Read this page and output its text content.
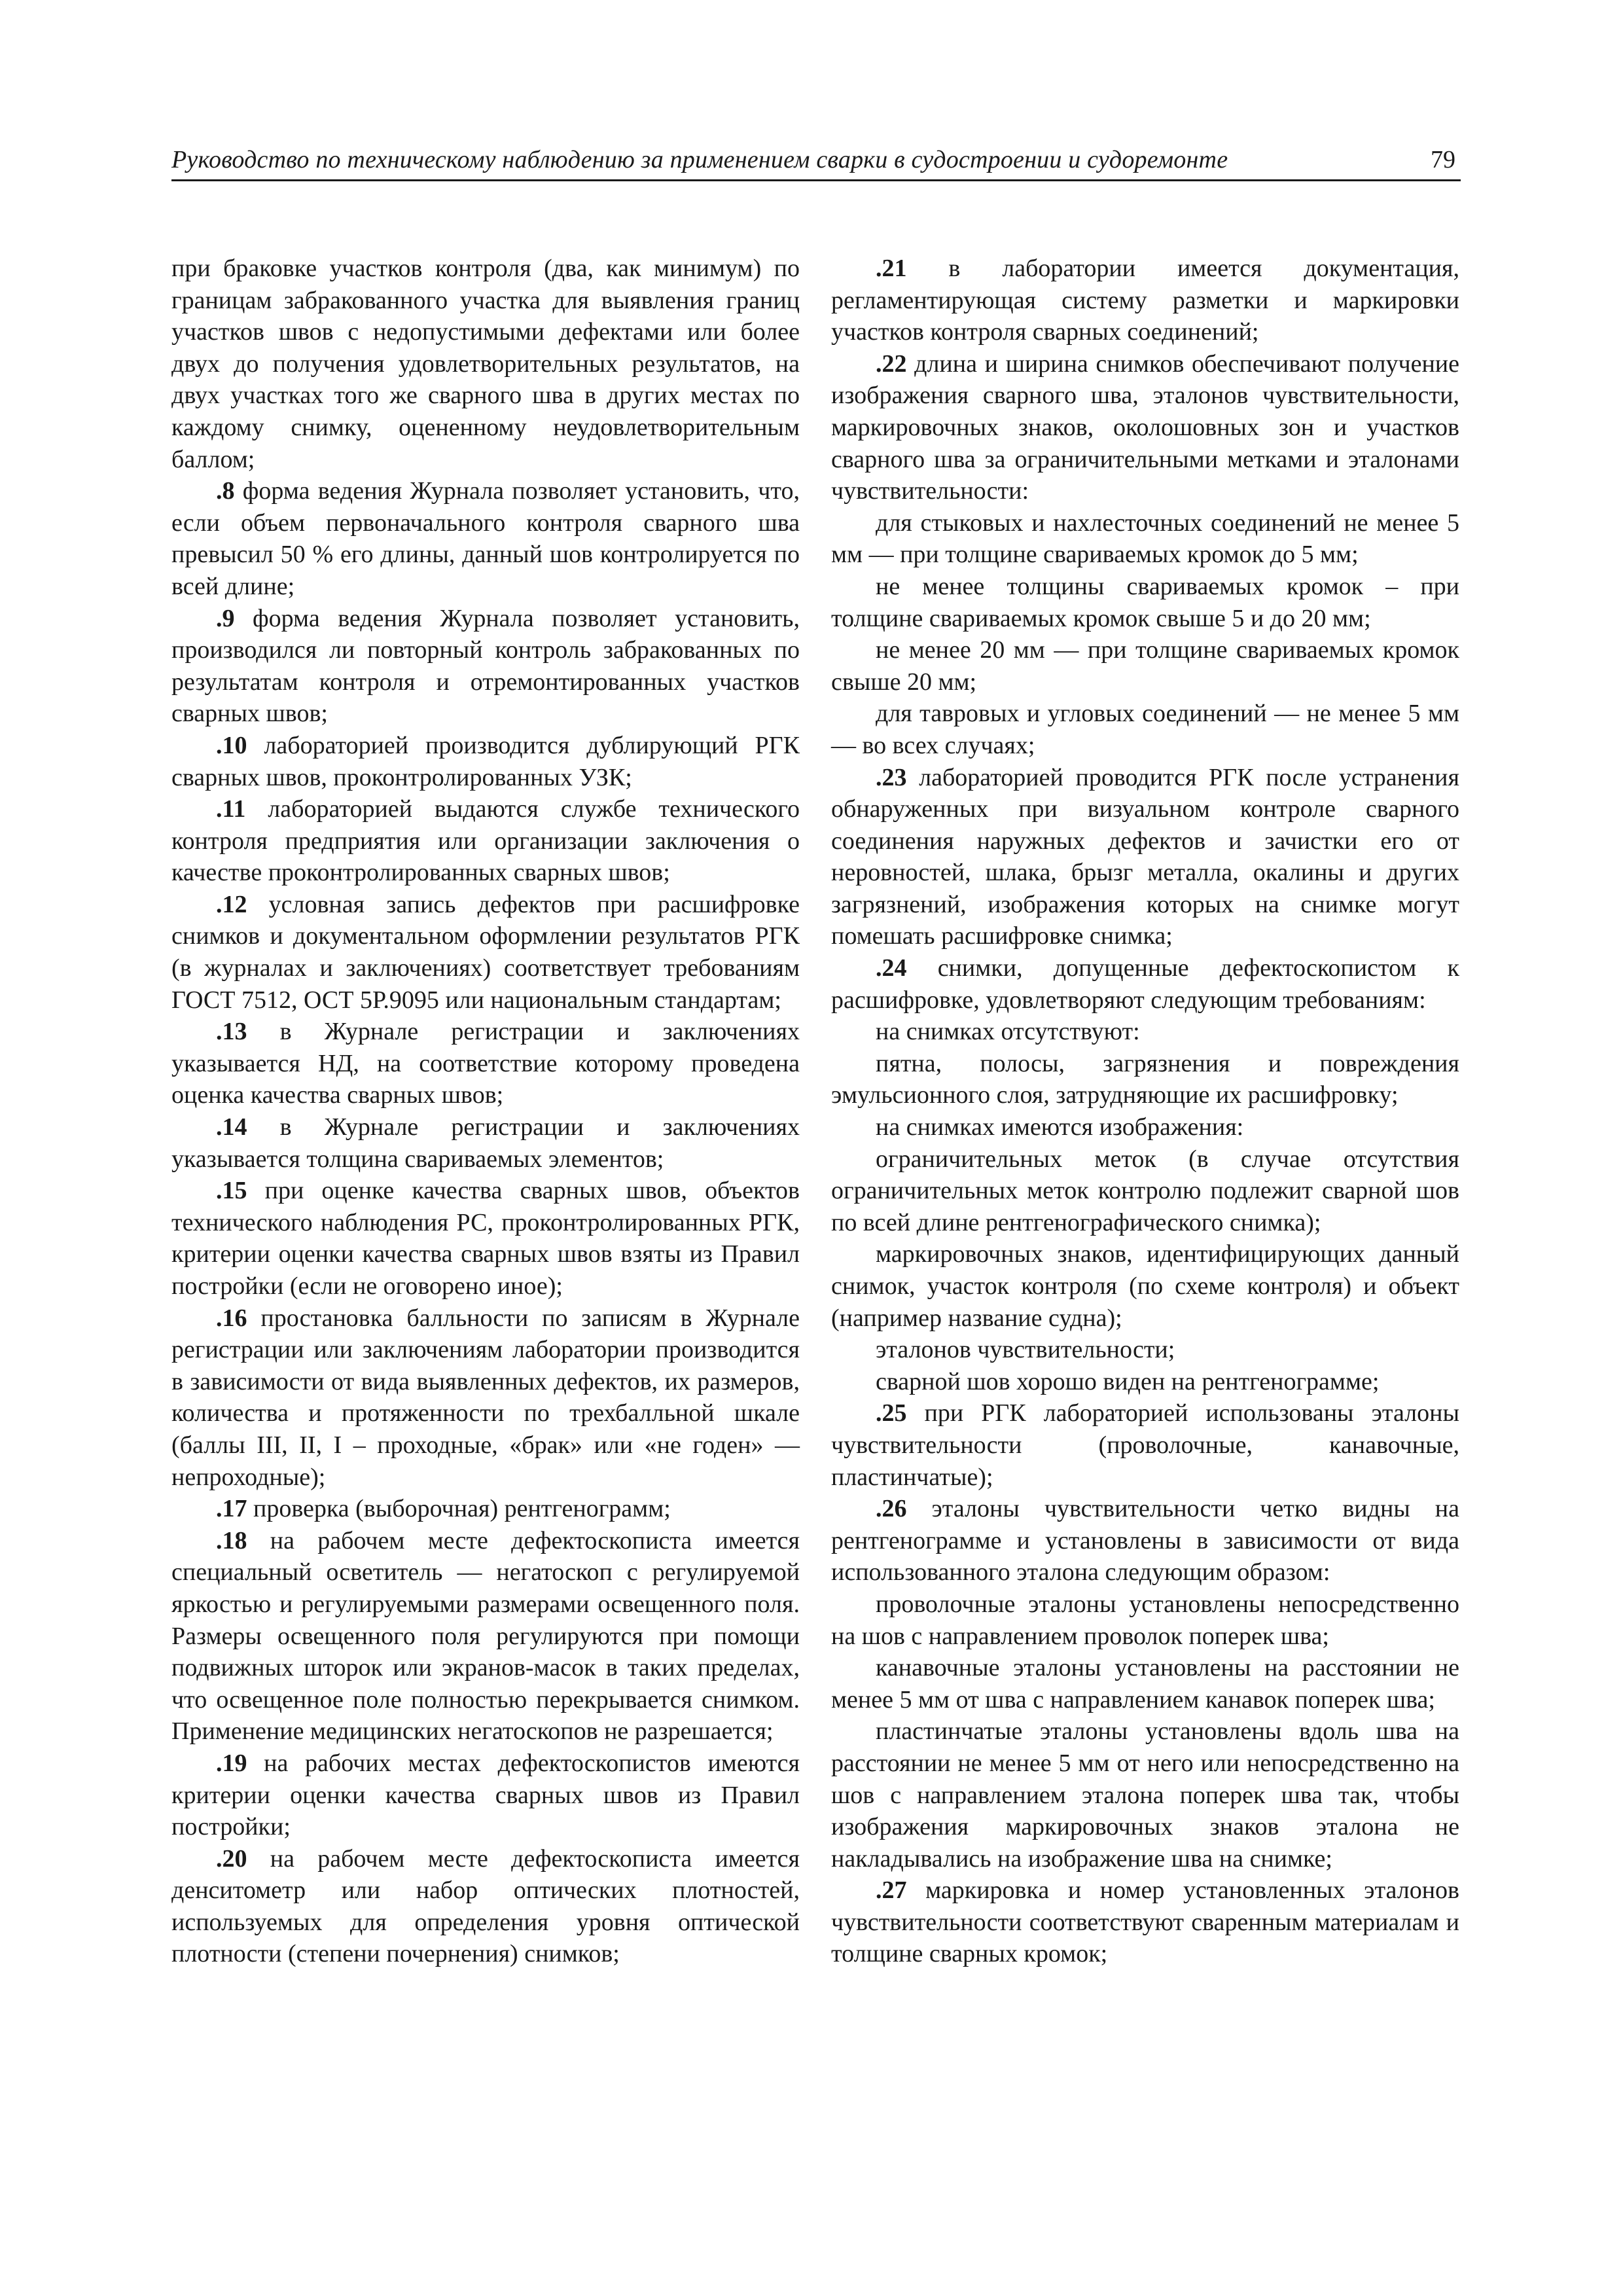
Руководство по техническому наблюдению за применением сварки в судостроении и судоремонте	79

при браковке участков контроля (два, как минимум) по границам забракованного участка для выявления границ участков швов с недопустимыми дефектами или более двух до получения удовлетворительных результатов, на двух участках того же сварного шва в других местах по каждому снимку, оцененному неудовлетворительным баллом;

.8 форма ведения Журнала позволяет установить, что, если объем первоначального контроля сварного шва превысил 50 % его длины, данный шов контролируется по всей длине;

.9 форма ведения Журнала позволяет установить, производился ли повторный контроль забракованных по результатам контроля и отремонтированных участков сварных швов;

.10 лабораторией производится дублирующий РГК сварных швов, проконтролированных УЗК;

.11 лабораторией выдаются службе технического контроля предприятия или организации заключения о качестве проконтролированных сварных швов;

.12 условная запись дефектов при расшифровке снимков и документальном оформлении результатов РГК (в журналах и заключениях) соответствует требованиям ГОСТ 7512, ОСТ 5Р.9095 или национальным стандартам;

.13 в Журнале регистрации и заключениях указывается НД, на соответствие которому проведена оценка качества сварных швов;

.14 в Журнале регистрации и заключениях указывается толщина свариваемых элементов;

.15 при оценке качества сварных швов, объектов технического наблюдения РС, проконтролированных РГК, критерии оценки качества сварных швов взяты из Правил постройки (если не оговорено иное);

.16 простановка балльности по записям в Журнале регистрации или заключениям лаборатории производится в зависимости от вида выявленных дефектов, их размеров, количества и протяженности по трехбалльной шкале (баллы III, II, I – проходные, «брак» или «не годен» — непроходные);

.17 проверка (выборочная) рентгенограмм;

.18 на рабочем месте дефектоскописта имеется специальный осветитель — негатоскоп с регулируемой яркостью и регулируемыми размерами освещенного поля. Размеры освещенного поля регулируются при помощи подвижных шторок или экранов-масок в таких пределах, что освещенное поле полностью перекрывается снимком. Применение медицинских негатоскопов не разрешается;

.19 на рабочих местах дефектоскопистов имеются критерии оценки качества сварных швов из Правил постройки;

.20 на рабочем месте дефектоскописта имеется денситометр или набор оптических плотностей, используемых для определения уровня оптической плотности (степени почернения) снимков;

.21 в лаборатории имеется документация, регламентирующая систему разметки и маркировки участков контроля сварных соединений;

.22 длина и ширина снимков обеспечивают получение изображения сварного шва, эталонов чувствительности, маркировочных знаков, околошовных зон и участков сварного шва за ограничительными метками и эталонами чувствительности:

для стыковых и нахлесточных соединений не менее 5 мм — при толщине свариваемых кромок до 5 мм;

не менее толщины свариваемых кромок – при толщине свариваемых кромок свыше 5 и до 20 мм;

не менее 20 мм — при толщине свариваемых кромок свыше 20 мм;

для тавровых и угловых соединений — не менее 5 мм — во всех случаях;

.23 лабораторией проводится РГК после устранения обнаруженных при визуальном контроле сварного соединения наружных дефектов и зачистки его от неровностей, шлака, брызг металла, окалины и других загрязнений, изображения которых на снимке могут помешать расшифровке снимка;

.24 снимки, допущенные дефектоскопистом к расшифровке, удовлетворяют следующим требованиям:

на снимках отсутствуют:

пятна, полосы, загрязнения и повреждения эмульсионного слоя, затрудняющие их расшифровку;

на снимках имеются изображения:

ограничительных меток (в случае отсутствия ограничительных меток контролю подлежит сварной шов по всей длине рентгенографического снимка);

маркировочных знаков, идентифицирующих данный снимок, участок контроля (по схеме контроля) и объект (например название судна);

эталонов чувствительности;

сварной шов хорошо виден на рентгенограмме;

.25 при РГК лабораторией использованы эталоны чувствительности (проволочные, канавочные, пластинчатые);

.26 эталоны чувствительности четко видны на рентгенограмме и установлены в зависимости от вида использованного эталона следующим образом:

проволочные эталоны установлены непосредственно на шов с направлением проволок поперек шва;

канавочные эталоны установлены на расстоянии не менее 5 мм от шва с направлением канавок поперек шва;

пластинчатые эталоны установлены вдоль шва на расстоянии не менее 5 мм от него или непосредственно на шов с направлением эталона поперек шва так, чтобы изображения маркировочных знаков эталона не накладывались на изображение шва на снимке;

.27 маркировка и номер установленных эталонов чувствительности соответствуют сваренным материалам и толщине сварных кромок;
